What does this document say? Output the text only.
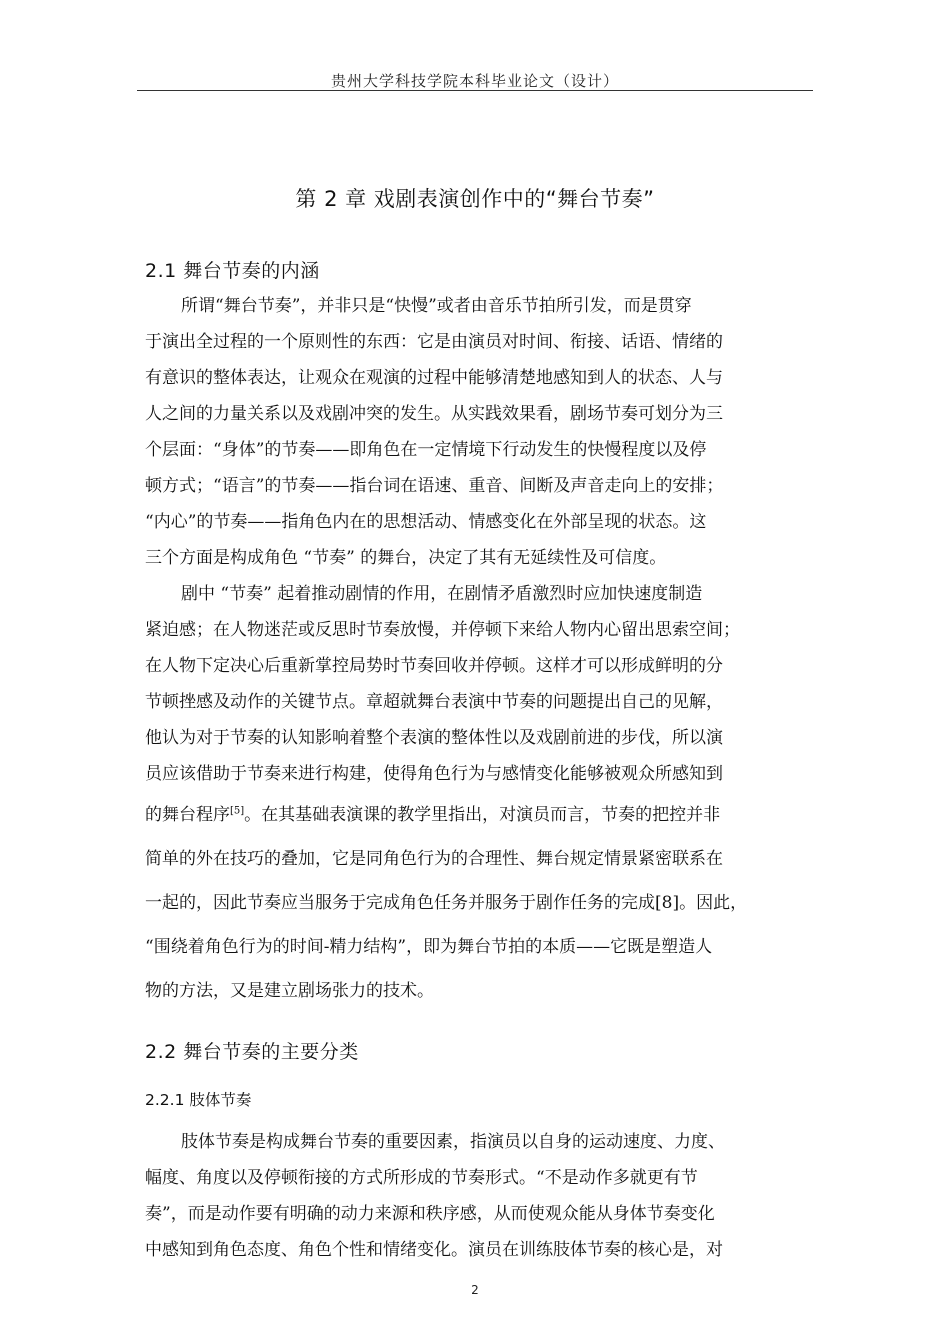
贵州大学科技学院本科毕业论文（设计）
第 2 章 戏剧表演创作中的“舞台节奏”
2.1 舞台节奏的内涵
所谓“舞台节奏”，并非只是“快慢”或者由音乐节拍所引发，而是贯穿
于演出全过程的一个原则性的东西：它是由演员对时间、衔接、话语、情绪的
有意识的整体表达，让观众在观演的过程中能够清楚地感知到人的状态、人与
人之间的力量关系以及戏剧冲突的发生。从实践效果看，剧场节奏可划分为三
个层面：“身体”的节奏——即角色在一定情境下行动发生的快慢程度以及停
顿方式；“语言”的节奏——指台词在语速、重音、间断及声音走向上的安排；
“内心”的节奏——指角色内在的思想活动、情感变化在外部呈现的状态。这
三个方面是构成角色 “节奏” 的舞台，决定了其有无延续性及可信度。
剧中 “节奏” 起着推动剧情的作用，在剧情矛盾激烈时应加快速度制造
紧迫感；在人物迷茫或反思时节奏放慢，并停顿下来给人物内心留出思索空间；
在人物下定决心后重新掌控局势时节奏回收并停顿。这样才可以形成鲜明的分
节顿挫感及动作的关键节点。章超就舞台表演中节奏的问题提出自己的见解，
他认为对于节奏的认知影响着整个表演的整体性以及戏剧前进的步伐，所以演
员应该借助于节奏来进行构建，使得角色行为与感情变化能够被观众所感知到
的舞台程序[5]。在其基础表演课的教学里指出，对演员而言，节奏的把控并非
简单的外在技巧的叠加，它是同角色行为的合理性、舞台规定情景紧密联系在
一起的，因此节奏应当服务于完成角色任务并服务于剧作任务的完成[8]。因此，
“围绕着角色行为的时间-精力结构”，即为舞台节拍的本质——它既是塑造人
物的方法，又是建立剧场张力的技术。
2.2 舞台节奏的主要分类
2.2.1 肢体节奏
肢体节奏是构成舞台节奏的重要因素，指演员以自身的运动速度、力度、
幅度、角度以及停顿衔接的方式所形成的节奏形式。“不是动作多就更有节
奏”，而是动作要有明确的动力来源和秩序感，从而使观众能从身体节奏变化
中感知到角色态度、角色个性和情绪变化。演员在训练肢体节奏的核心是，对
2
